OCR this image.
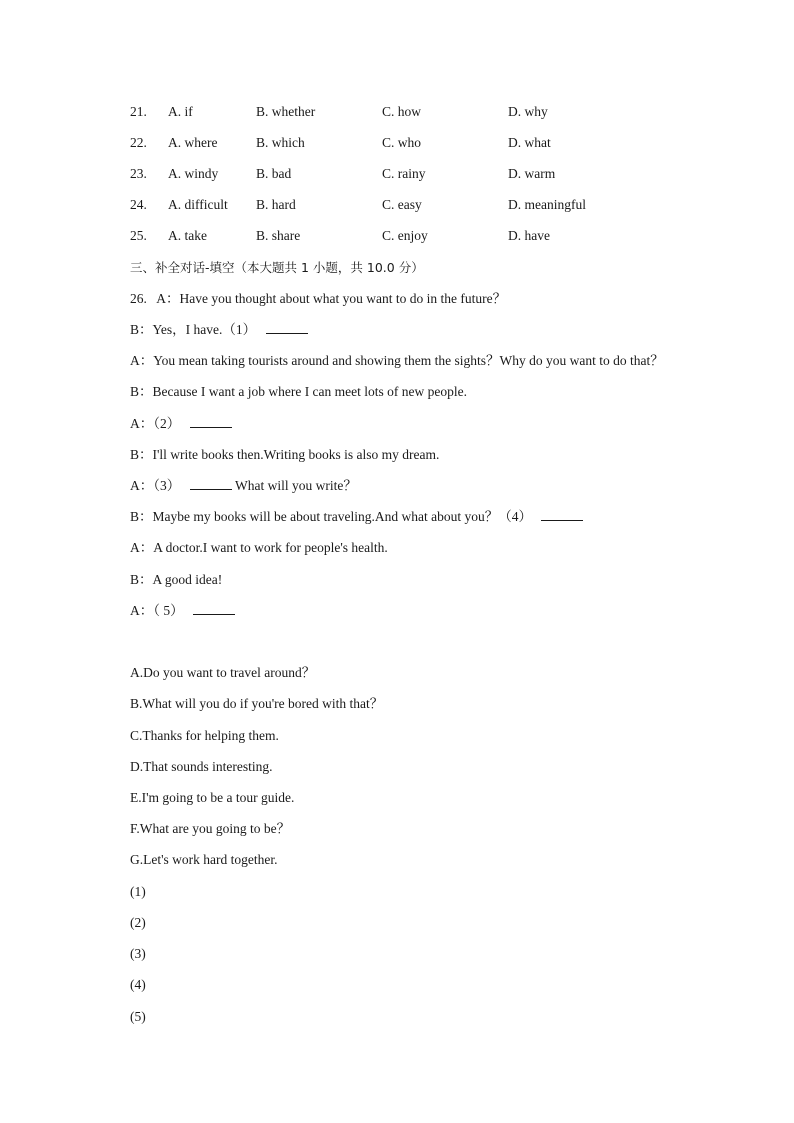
21. A. if	B. whether	C. how	D. why
22. A. where	B. which	C. who	D. what
23. A. windy	B. bad	C. rainy	D. warm
24. A. difficult B. hard	C. easy	D. meaningful
25. A. take	B. share	C. enjoy	D. have
三、补全对话-填空（本大题共 1 小题，共 10.0 分）
26. A：Have you thought about what you want to do in the future？
B：Yes，I have.（1）
A：You mean taking tourists around and showing them the sights？Why do you want to do that？
B：Because I want a job where I can meet lots of new people.
A：（2）
B：I'll write books then.Writing books is also my dream.
A：（3）	What will you write？
B：Maybe my books will be about traveling.And what about you？（4）
A：A doctor.I want to work for people's health.
B：A good idea!
A：（ 5）
A.Do you want to travel around？
B.What will you do if you're bored with that？
C.Thanks for helping them.
D.That sounds interesting.
E.I'm going to be a tour guide.
F.What are you going to be？
G.Let's work hard together.
(1)
(2)
(3)
(4)
(5)
